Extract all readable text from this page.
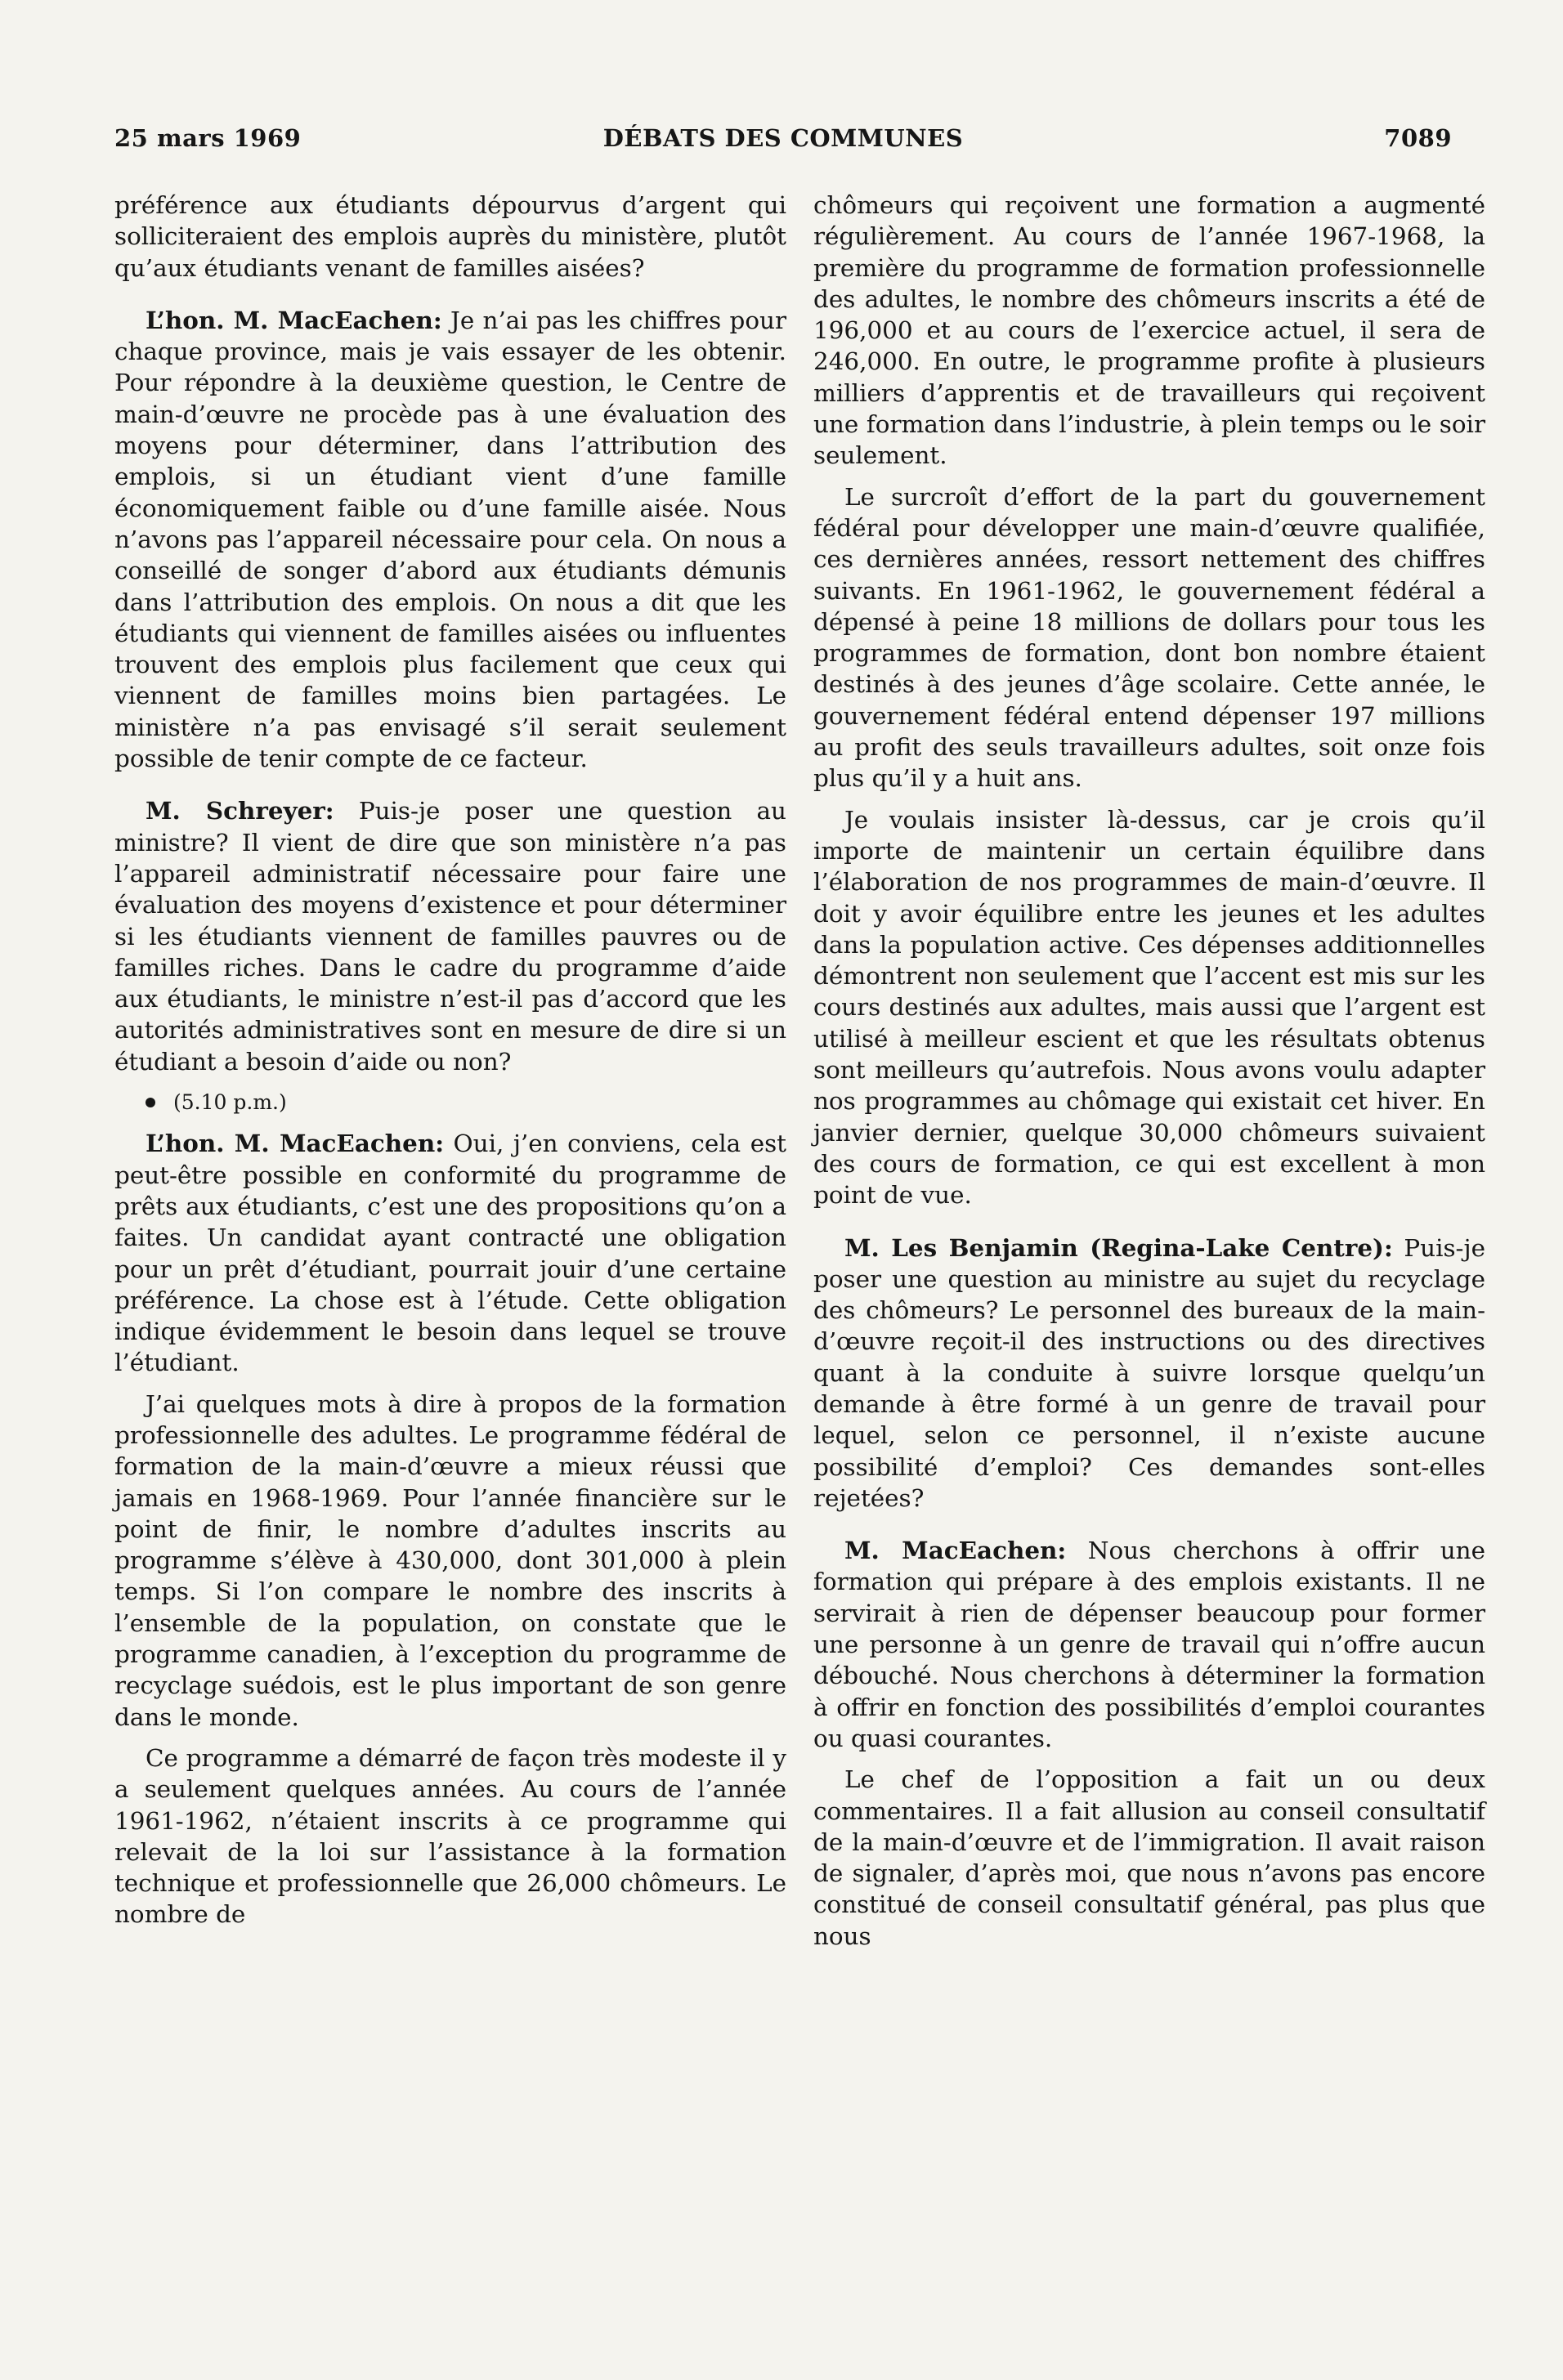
25 mars 1969	DÉBATS DES COMMUNES	7089

préférence aux étudiants dépourvus d’argent qui solliciteraient des emplois auprès du ministère, plutôt qu’aux étudiants venant de familles aisées?

L’hon. M. MacEachen: Je n’ai pas les chiffres pour chaque province, mais je vais essayer de les obtenir. Pour répondre à la deuxième question, le Centre de main-d’œuvre ne procède pas à une évaluation des moyens pour déterminer, dans l’attribution des emplois, si un étudiant vient d’une famille économiquement faible ou d’une famille aisée. Nous n’avons pas l’appareil nécessaire pour cela. On nous a conseillé de songer d’abord aux étudiants démunis dans l’attribution des emplois. On nous a dit que les étudiants qui viennent de familles aisées ou influentes trouvent des emplois plus facilement que ceux qui viennent de familles moins bien partagées. Le ministère n’a pas envisagé s’il serait seulement possible de tenir compte de ce facteur.

M. Schreyer: Puis-je poser une question au ministre? Il vient de dire que son ministère n’a pas l’appareil administratif nécessaire pour faire une évaluation des moyens d’existence et pour déterminer si les étudiants viennent de familles pauvres ou de familles riches. Dans le cadre du programme d’aide aux étudiants, le ministre n’est-il pas d’accord que les autorités administratives sont en mesure de dire si un étudiant a besoin d’aide ou non?

(5.10 p.m.)

L’hon. M. MacEachen: Oui, j’en conviens, cela est peut-être possible en conformité du programme de prêts aux étudiants, c’est une des propositions qu’on a faites. Un candidat ayant contracté une obligation pour un prêt d’étudiant, pourrait jouir d’une certaine préférence. La chose est à l’étude. Cette obligation indique évidemment le besoin dans lequel se trouve l’étudiant.

J’ai quelques mots à dire à propos de la formation professionnelle des adultes. Le programme fédéral de formation de la main-d’œuvre a mieux réussi que jamais en 1968-1969. Pour l’année financière sur le point de finir, le nombre d’adultes inscrits au programme s’élève à 430,000, dont 301,000 à plein temps. Si l’on compare le nombre des inscrits à l’ensemble de la population, on constate que le programme canadien, à l’exception du programme de recyclage suédois, est le plus important de son genre dans le monde.

Ce programme a démarré de façon très modeste il y a seulement quelques années. Au cours de l’année 1961-1962, n’étaient inscrits à ce programme qui relevait de la loi sur l’assistance à la formation technique et professionnelle que 26,000 chômeurs. Le nombre de

chômeurs qui reçoivent une formation a augmenté régulièrement. Au cours de l’année 1967-1968, la première du programme de formation professionnelle des adultes, le nombre des chômeurs inscrits a été de 196,000 et au cours de l’exercice actuel, il sera de 246,000. En outre, le programme profite à plusieurs milliers d’apprentis et de travailleurs qui reçoivent une formation dans l’industrie, à plein temps ou le soir seulement.

Le surcroît d’effort de la part du gouvernement fédéral pour développer une main-d’œuvre qualifiée, ces dernières années, ressort nettement des chiffres suivants. En 1961-1962, le gouvernement fédéral a dépensé à peine 18 millions de dollars pour tous les programmes de formation, dont bon nombre étaient destinés à des jeunes d’âge scolaire. Cette année, le gouvernement fédéral entend dépenser 197 millions au profit des seuls travailleurs adultes, soit onze fois plus qu’il y a huit ans.

Je voulais insister là-dessus, car je crois qu’il importe de maintenir un certain équilibre dans l’élaboration de nos programmes de main-d’œuvre. Il doit y avoir équilibre entre les jeunes et les adultes dans la population active. Ces dépenses additionnelles démontrent non seulement que l’accent est mis sur les cours destinés aux adultes, mais aussi que l’argent est utilisé à meilleur escient et que les résultats obtenus sont meilleurs qu’autrefois. Nous avons voulu adapter nos programmes au chômage qui existait cet hiver. En janvier dernier, quelque 30,000 chômeurs suivaient des cours de formation, ce qui est excellent à mon point de vue.

M. Les Benjamin (Regina-Lake Centre): Puis-je poser une question au ministre au sujet du recyclage des chômeurs? Le personnel des bureaux de la main-d’œuvre reçoit-il des instructions ou des directives quant à la conduite à suivre lorsque quelqu’un demande à être formé à un genre de travail pour lequel, selon ce personnel, il n’existe aucune possibilité d’emploi? Ces demandes sont-elles rejetées?

M. MacEachen: Nous cherchons à offrir une formation qui prépare à des emplois existants. Il ne servirait à rien de dépenser beaucoup pour former une personne à un genre de travail qui n’offre aucun débouché. Nous cherchons à déterminer la formation à offrir en fonction des possibilités d’emploi courantes ou quasi courantes.

Le chef de l’opposition a fait un ou deux commentaires. Il a fait allusion au conseil consultatif de la main-d’œuvre et de l’immigration. Il avait raison de signaler, d’après moi, que nous n’avons pas encore constitué de conseil consultatif général, pas plus que nous
